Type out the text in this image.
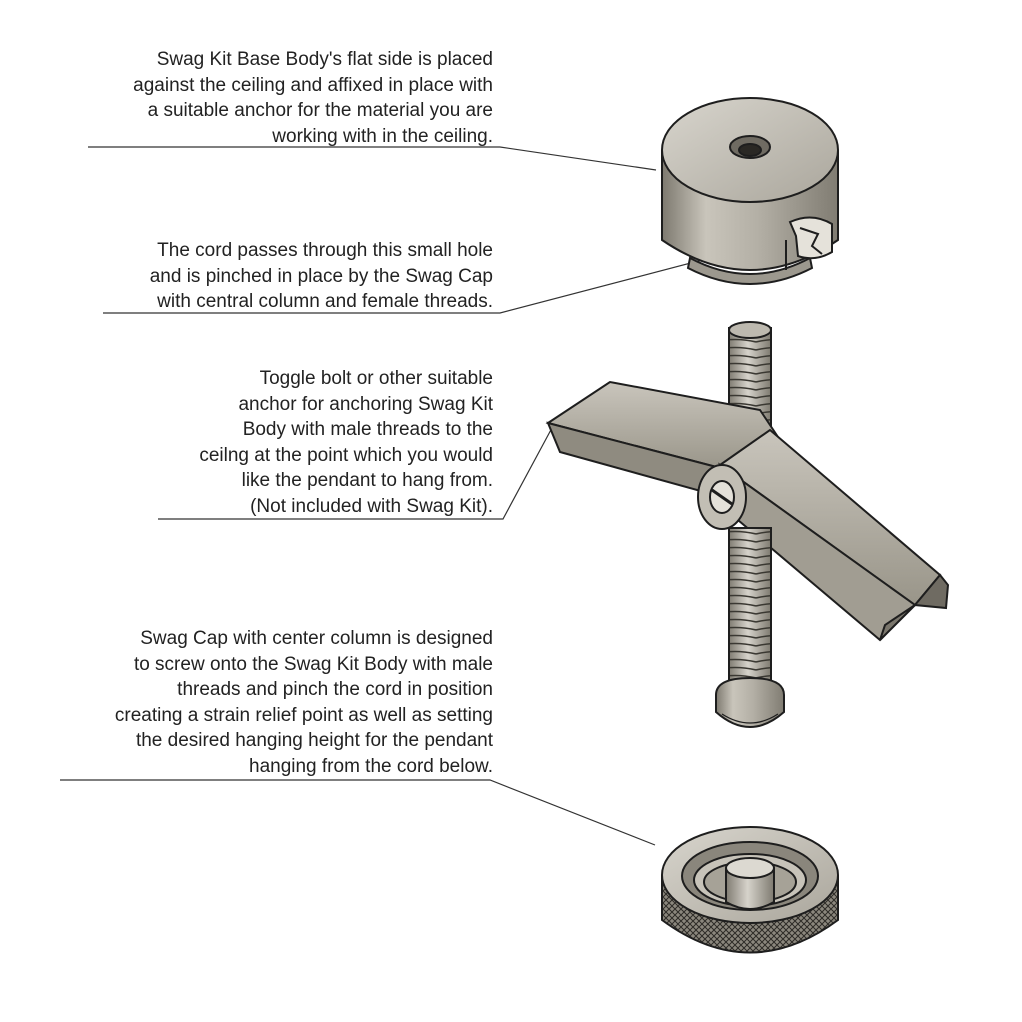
Swag Kit Base Body's flat side is placed
against the ceiling and affixed in place with
a suitable anchor for the material you are
working with in the ceiling.
The cord passes through this small hole
and is pinched in place by the Swag Cap
with central column and female threads.
Toggle bolt or other suitable
anchor for anchoring Swag Kit
Body with male threads to the
ceilng at the point which you would
like the pendant to hang from.
(Not included with Swag Kit).
Swag Cap with center column is designed
to screw onto the Swag Kit Body with male
threads and pinch the cord in position
creating a strain relief point as well as setting
the desired hanging height for the pendant
hanging from the cord below.
